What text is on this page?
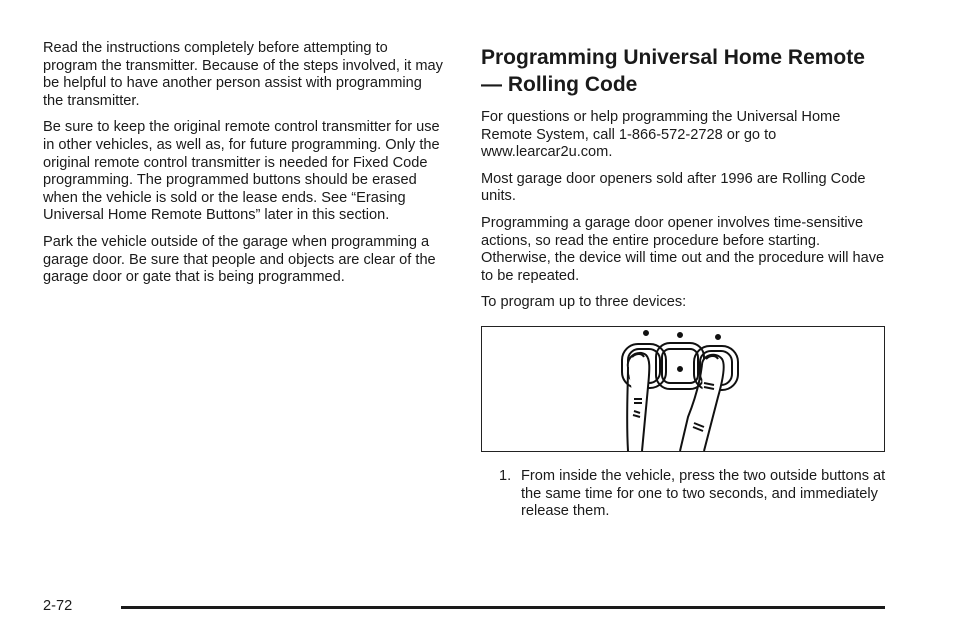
Read the instructions completely before attempting to program the transmitter. Because of the steps involved, it may be helpful to have another person assist with programming the transmitter.

Be sure to keep the original remote control transmitter for use in other vehicles, as well as, for future programming. Only the original remote control transmitter is needed for Fixed Code programming. The programmed buttons should be erased when the vehicle is sold or the lease ends. See “Erasing Universal Home Remote Buttons” later in this section.

Park the vehicle outside of the garage when programming a garage door. Be sure that people and objects are clear of the garage door or gate that is being programmed.

Programming Universal Home Remote — Rolling Code

For questions or help programming the Universal Home Remote System, call 1-866-572-2728 or go to www.learcar2u.com.

Most garage door openers sold after 1996 are Rolling Code units.

Programming a garage door opener involves time-sensitive actions, so read the entire procedure before starting. Otherwise, the device will time out and the procedure will have to be repeated.

To program up to three devices:

1. From inside the vehicle, press the two outside buttons at the same time for one to two seconds, and immediately release them.
2-72
